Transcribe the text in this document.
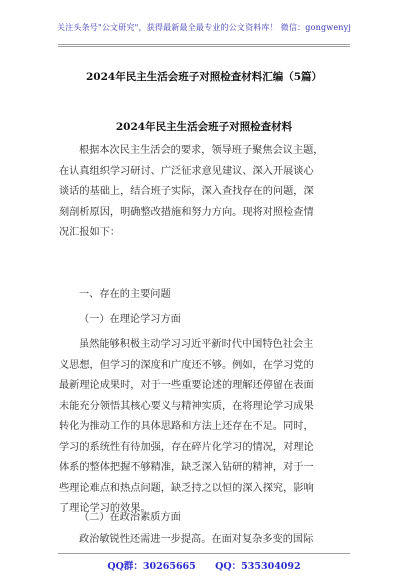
关注头条号"公文研究"，获得最新最全最专业的公文资料库！ 微信：gongwenyj
2024年民主生活会班子对照检查材料汇编（5篇）
2024年民主生活会班子对照检查材料
根据本次民主生活会的要求，领导班子聚焦会议主题，
在认真组织学习研讨、广泛征求意见建议、深入开展谈心
谈话的基础上，结合班子实际，深入查找存在的问题，深
刻剖析原因，明确整改措施和努力方向。现将对照检查情
况汇报如下：
一、存在的主要问题
（一）在理论学习方面
虽然能够积极主动学习习近平新时代中国特色社会主
义思想，但学习的深度和广度还不够。例如，在学习党的
最新理论成果时，对于一些重要论述的理解还停留在表面
未能充分领悟其核心要义与精神实质，在将理论学习成果
转化为推动工作的具体思路和方法上还存在不足。同时，
学习的系统性有待加强，存在碎片化学习的情况，对理论
体系的整体把握不够精准，缺乏深入钻研的精神，对于一
些理论难点和热点问题，缺乏持之以恒的深入探究，影响
了理论学习的效果。
（二）在政治素质方面
政治敏锐性还需进一步提高。在面对复杂多变的国际
QQ群：30265665 QQ：535304092
